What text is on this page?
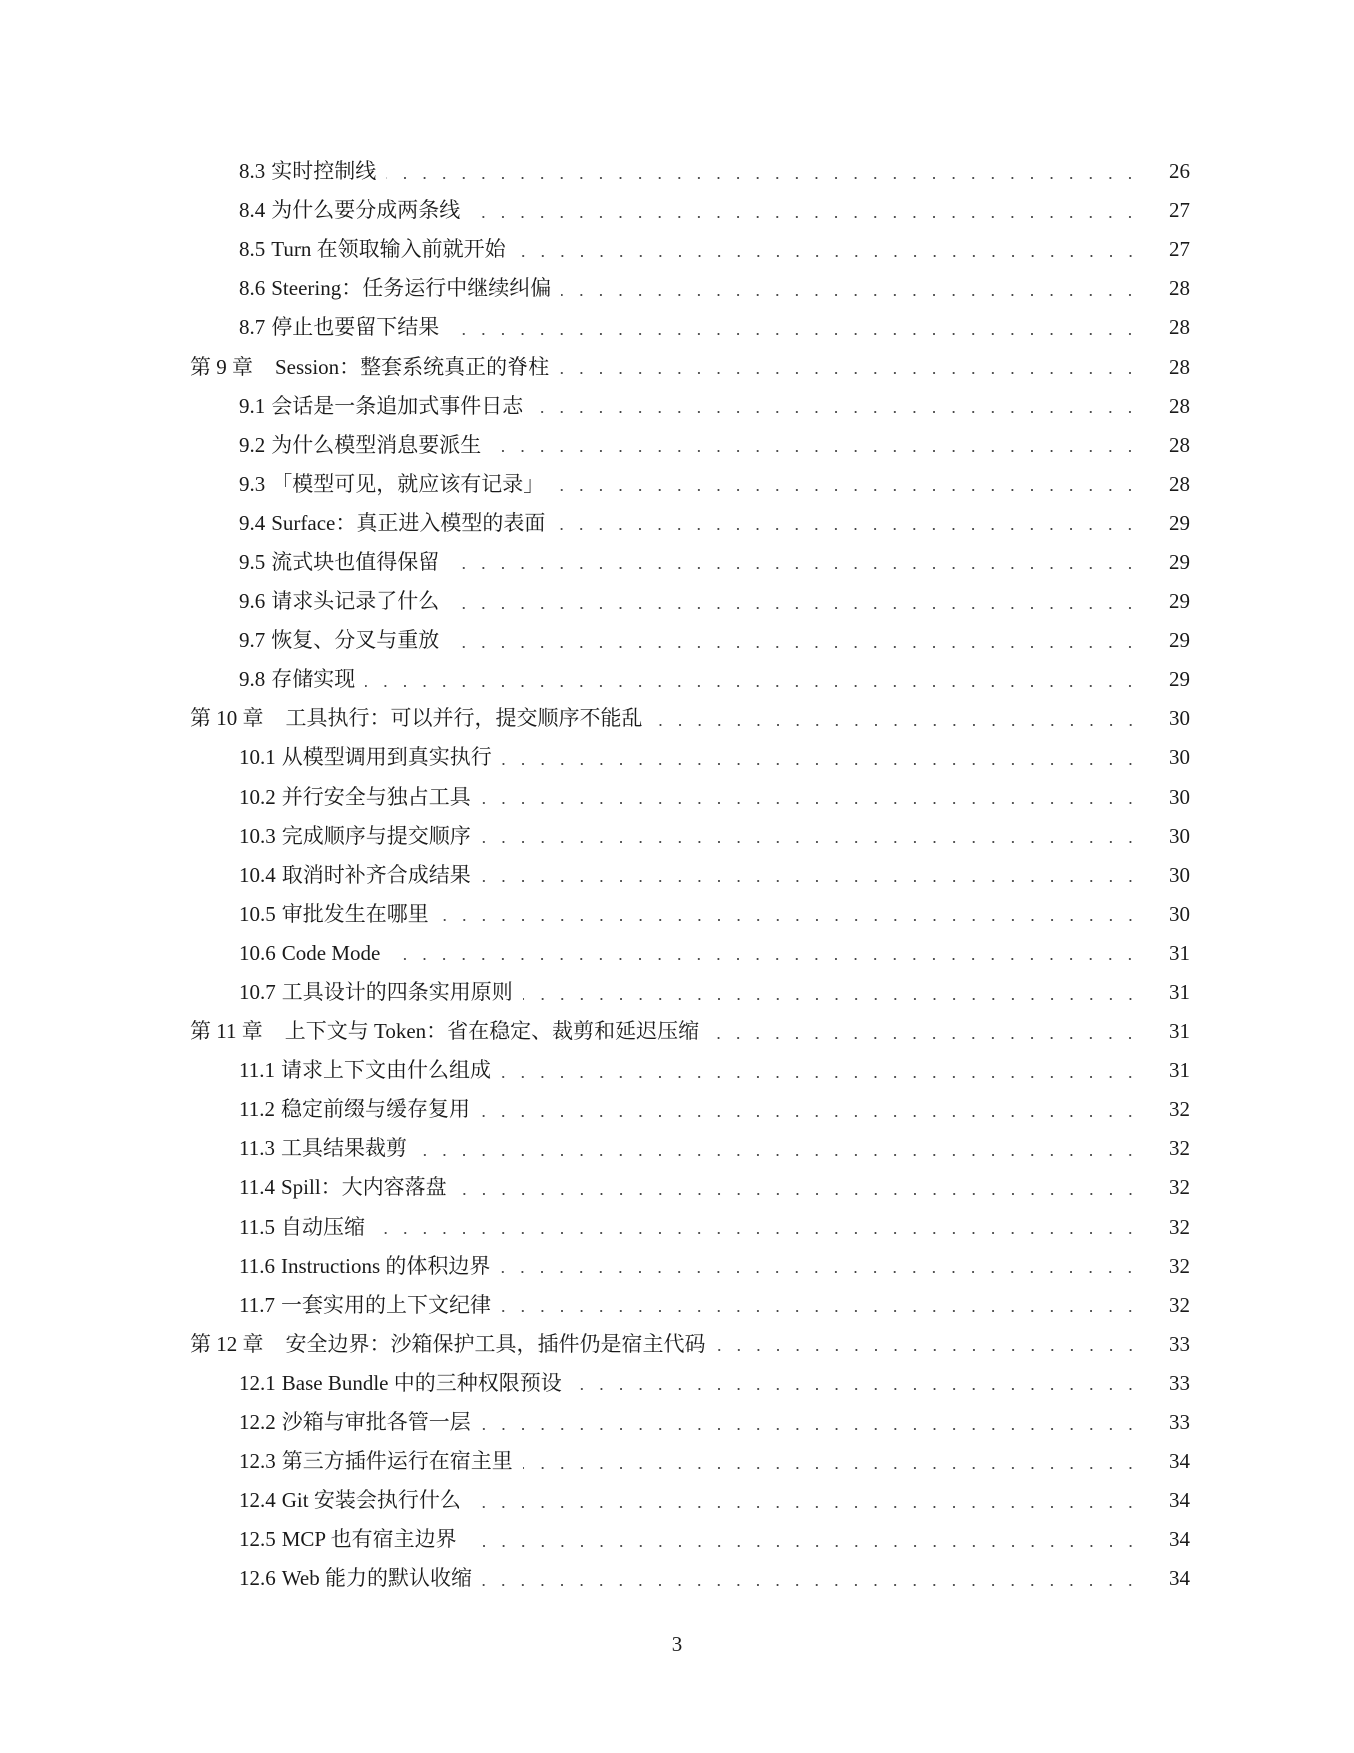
8.3 实时控制线	26
8.4 为什么要分成两条线	27
8.5 Turn 在领取输入前就开始	27
8.6 Steering：任务运行中继续纠偏	28
8.7 停止也要留下结果	28
第 9 章 Session：整套系统真正的脊柱	28
9.1 会话是一条追加式事件日志	28
9.2 为什么模型消息要派生	28
9.3 「模型可见，就应该有记录」	28
9.4 Surface：真正进入模型的表面	29
9.5 流式块也值得保留	29
9.6 请求头记录了什么	29
9.7 恢复、分叉与重放	29
9.8 存储实现	29
第 10 章 工具执行：可以并行，提交顺序不能乱	30
10.1 从模型调用到真实执行	30
10.2 并行安全与独占工具	30
10.3 完成顺序与提交顺序	30
10.4 取消时补齐合成结果	30
10.5 审批发生在哪里	30
10.6 Code Mode	31
10.7 工具设计的四条实用原则	31
第 11 章 上下文与 Token：省在稳定、裁剪和延迟压缩	31
11.1 请求上下文由什么组成	31
11.2 稳定前缀与缓存复用	32
11.3 工具结果裁剪	32
11.4 Spill：大内容落盘	32
11.5 自动压缩	32
11.6 Instructions 的体积边界	32
11.7 一套实用的上下文纪律	32
第 12 章 安全边界：沙箱保护工具，插件仍是宿主代码	33
12.1 Base Bundle 中的三种权限预设	33
12.2 沙箱与审批各管一层	33
12.3 第三方插件运行在宿主里	34
12.4 Git 安装会执行什么	34
12.5 MCP 也有宿主边界	34
12.6 Web 能力的默认收缩	34
3
